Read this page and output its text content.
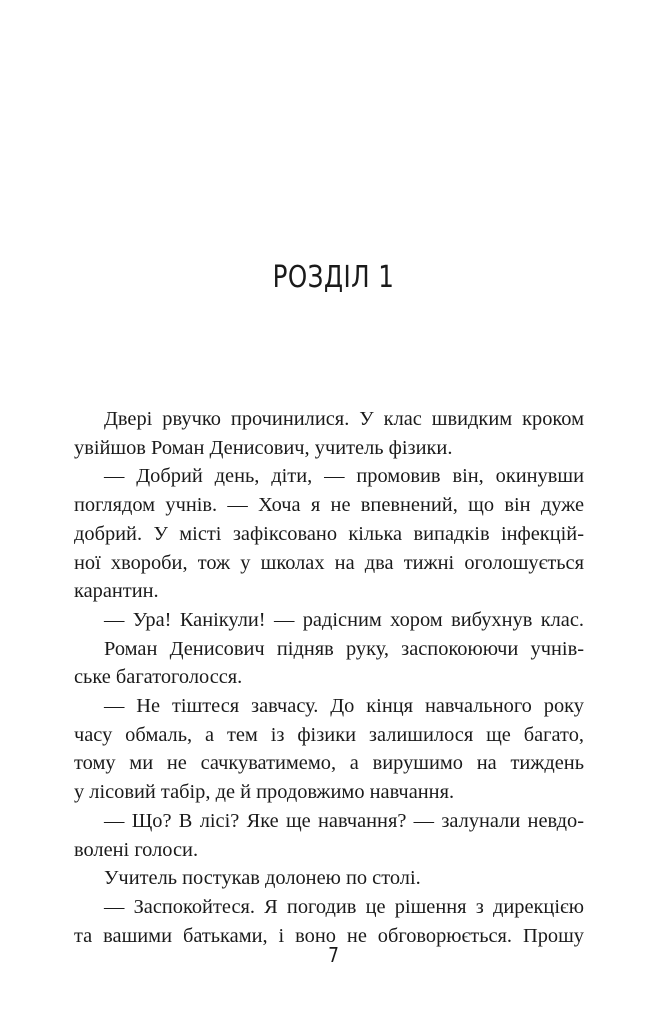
РОЗДІЛ 1
Двері рвучко прочинилися. У клас швидким кроком
увійшов Роман Денисович, учитель фізики.
— Добрий день, діти, — промовив він, окинувши
поглядом учнів. — Хоча я не впевнений, що він дуже
добрий. У місті зафіксовано кілька випадків інфекцій-
ної хвороби, тож у школах на два тижні оголошується
карантин.
— Ура! Канікули! — радісним хором вибухнув клас.
Роман Денисович підняв руку, заспокоюючи учнів-
ське багатоголосся.
— Не тіштеся завчасу. До кінця навчального року
часу обмаль, а тем із фізики залишилося ще багато,
тому ми не сачкуватимемо, а вирушимо на тиждень
у лісовий табір, де й продовжимо навчання.
— Що? В лісі? Яке ще навчання? — залунали невдо-
волені голоси.
Учитель постукав долонею по столі.
— Заспокойтеся. Я погодив це рішення з дирекцією
та вашими батьками, і воно не обговорюється. Прошу
7
